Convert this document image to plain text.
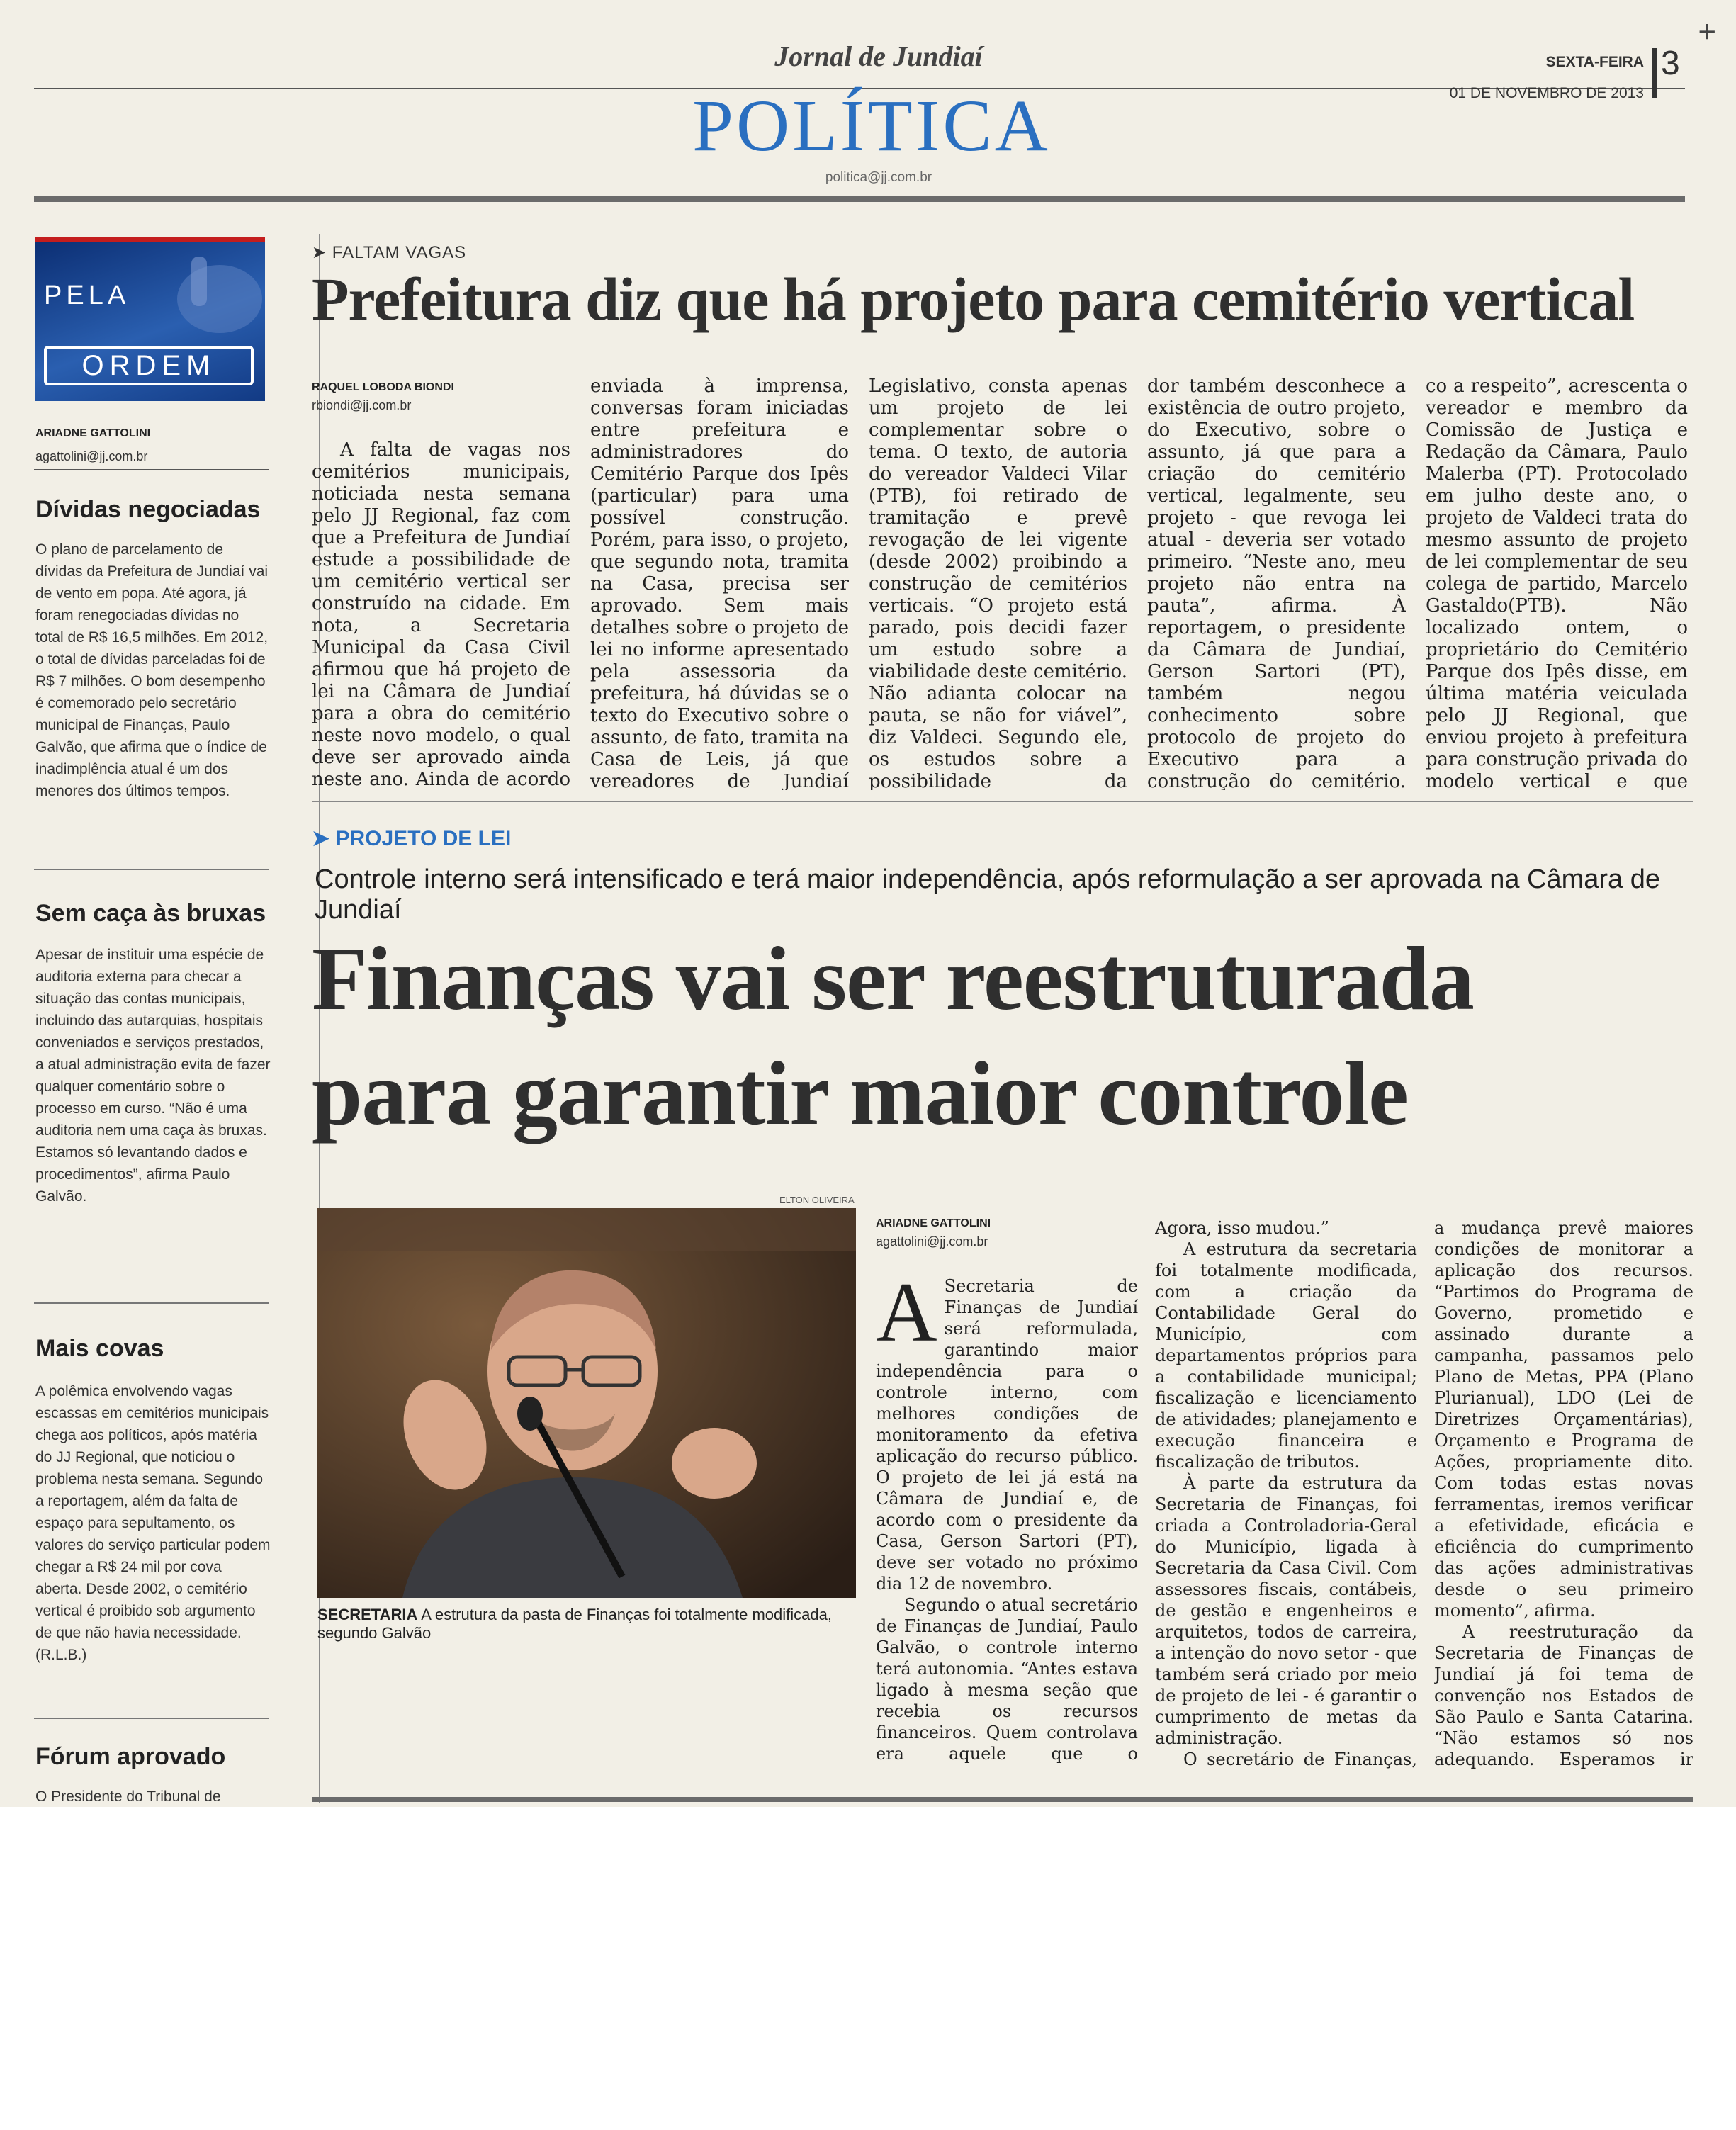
+
Jornal de Jundiaí
POLÍTICA
politica@jj.com.br
SEXTA-FEIRA
01 DE NOVEMBRO DE 2013
3
PELA
ORDEM
ARIADNE GATTOLINI
agattolini@jj.com.br
Dívidas negociadas
O plano de parcelamento de dívidas da Prefeitura de Jundiaí vai de vento em popa. Até agora, já foram renegociadas dívidas no total de R$ 16,5 milhões. Em 2012, o total de dívidas parceladas foi de R$ 7 milhões. O bom desempenho é comemorado pelo secretário municipal de Finanças, Paulo Galvão, que afirma que o índice de inadimplência atual é um dos menores dos últimos tempos.
Sem caça às bruxas
Apesar de instituir uma espécie de auditoria externa para checar a situação das contas municipais, incluindo das autarquias, hospitais conveniados e serviços prestados, a atual administração evita de fazer qualquer comentário sobre o processo em curso. “Não é uma auditoria nem uma caça às bruxas. Estamos só levantando dados e procedimentos”, afirma Paulo Galvão.
Mais covas
A polêmica envolvendo vagas escassas em cemitérios municipais chega aos políticos, após matéria do JJ Regional, que noticiou o problema nesta semana. Segundo a reportagem, além da falta de espaço para sepultamento, os valores do serviço particular podem chegar a R$ 24 mil por cova aberta. Desde 2002, o cemitério vertical é proibido sob argumento de que não havia necessidade. (R.L.B.)
Fórum aprovado
O Presidente do Tribunal de
➤ FALTAM VAGAS
Prefeitura diz que há projeto para cemitério vertical
RAQUEL LOBODA BIONDI
rbiondi@jj.com.br

A falta de vagas nos cemitérios municipais, noticiada nesta semana pelo JJ Regional, faz com que a Prefeitura de Jundiaí estude a possibilidade de um cemitério vertical ser construído na cidade. Em nota, a Secretaria Municipal da Casa Civil afirmou que há projeto de lei na Câmara de Jundiaí para a obra do cemitério neste novo modelo, o qual deve ser aprovado ainda neste ano. Ainda de acordo

enviada à imprensa, conversas foram iniciadas entre prefeitura e administradores do Cemitério Parque dos Ipês (particular) para uma possível construção. Porém, para isso, o projeto, que segundo nota, tramita na Casa, precisa ser aprovado. Sem mais detalhes sobre o projeto de lei no informe apresentado pela assessoria da prefeitura, há dúvidas se o texto do Executivo sobre o assunto, de fato, tramita na Casa de Leis, já que vereadores de Jundiaí

Legislativo, consta apenas um projeto de lei complementar sobre o tema. O texto, de autoria do vereador Valdeci Vilar (PTB), foi retirado de tramitação e prevê revogação de lei vigente (desde 2002) proibindo a construção de cemitérios verticais. “O projeto está parado, pois decidi fazer um estudo sobre a viabilidade deste cemitério. Não adianta colocar na pauta, se não for viável”, diz Valdeci. Segundo ele, os estudos sobre a possibilidade da

dor também desconhece a existência de outro projeto, do Executivo, sobre o assunto, já que para a criação do cemitério vertical, legalmente, seu projeto - que revoga lei atual - deveria ser votado primeiro. “Neste ano, meu projeto não entra na pauta”, afirma. À reportagem, o presidente da Câmara de Jundiaí, Gerson Sartori (PT), também negou conhecimento sobre protocolo de projeto do Executivo para a construção do cemitério.

co a respeito”, acrescenta o vereador e membro da Comissão de Justiça e Redação da Câmara, Paulo Malerba (PT). Protocolado em julho deste ano, o projeto de Valdeci trata do mesmo assunto de projeto de lei complementar de seu colega de partido, Marcelo Gastaldo(PTB). Não localizado ontem, o proprietário do Cemitério Parque dos Ipês disse, em última matéria veiculada pelo JJ Regional, que enviou projeto à prefeitura para construção privada do modelo vertical e que

➤ PROJETO DE LEI
Controle interno será intensificado e terá maior independência, após reformulação a ser aprovada na Câmara de Jundiaí
Finanças vai ser reestruturada
para garantir maior controle
ELTON OLIVEIRA
SECRETARIA A estrutura da pasta de Finanças foi totalmente modificada, segundo Galvão
ARIADNE GATTOLINI
agattolini@jj.com.br
A Secretaria de Finanças de Jundiaí será reformulada, garantindo maior independência para o controle interno, com melhores condições de monitoramento da efetiva aplicação do recurso público. O projeto de lei já está na Câmara de Jundiaí e, de acordo com o presidente da Casa, Gerson Sartori (PT), deve ser votado no próximo dia 12 de novembro.

Segundo o atual secretário de Finanças de Jundiaí, Paulo Galvão, o controle interno terá autonomia. “Antes estava ligado à mesma seção que recebia os recursos financeiros. Quem controlava era aquele que o

Agora, isso mudou.”

A estrutura da secretaria foi totalmente modificada, com a criação da Contabilidade Geral do Município, com departamentos próprios para a contabilidade municipal; fiscalização e licenciamento de atividades; planejamento e execução financeira e fiscalização de tributos.

À parte da estrutura da Secretaria de Finanças, foi criada a Controladoria-Geral do Município, ligada à Secretaria da Casa Civil. Com assessores fiscais, contábeis, de gestão e engenheiros e arquitetos, todos de carreira, a intenção do novo setor - que também será criado por meio de projeto de lei - é garantir o cumprimento de metas da administração.

O secretário de Finanças,

a mudança prevê maiores condições de monitorar a aplicação dos recursos. “Partimos do Programa de Governo, prometido e assinado durante a campanha, passamos pelo Plano de Metas, PPA (Plano Plurianual), LDO (Lei de Diretrizes Orçamentárias), Orçamento e Programa de Ações, propriamente dito. Com todas estas novas ferramentas, iremos verificar a efetividade, eficácia e eficiência do cumprimento das ações administrativas desde o seu primeiro momento”, afirma.

A reestruturação da Secretaria de Finanças de Jundiaí já foi tema de convenção nos Estados de São Paulo e Santa Catarina. “Não estamos só nos adequando. Esperamos ir
